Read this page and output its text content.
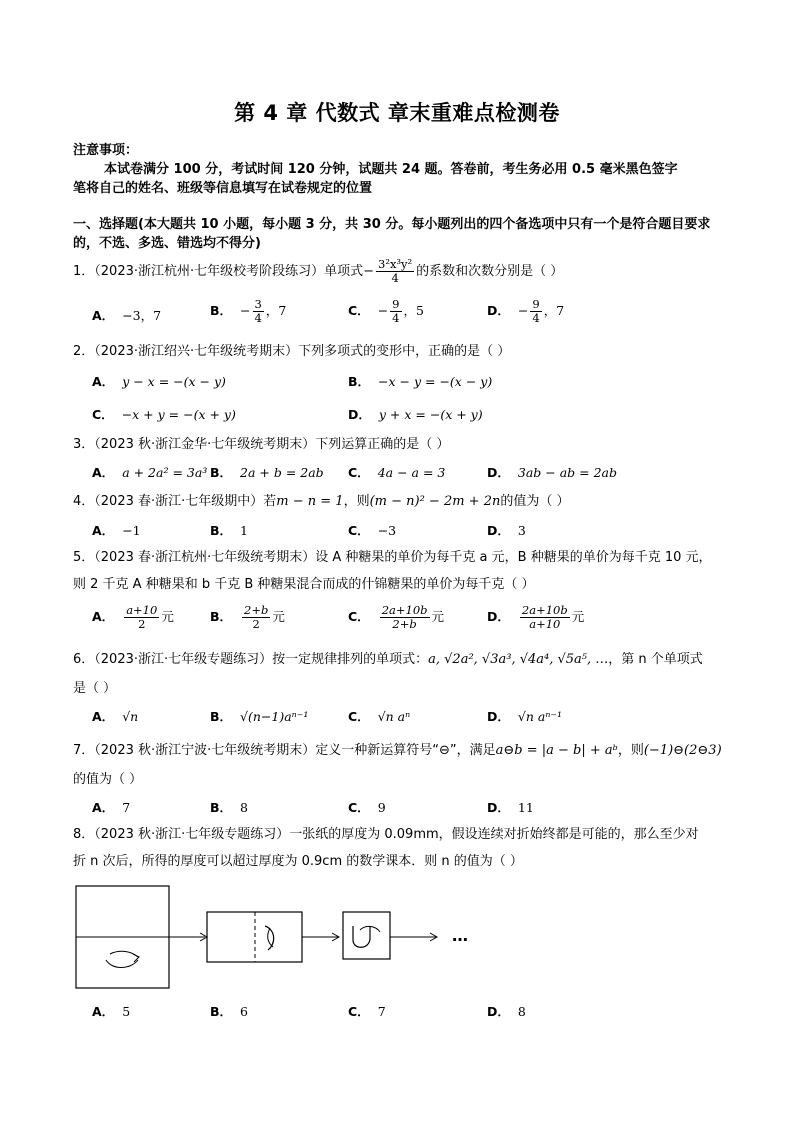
第 4 章 代数式 章末重难点检测卷
注意事项：
本试卷满分 100 分，考试时间 120 分钟，试题共 24 题。答卷前，考生务必用 0.5 毫米黑色签字
笔将自己的姓名、班级等信息填写在试卷规定的位置
一、选择题(本大题共 10 小题，每小题 3 分，共 30 分。每小题列出的四个备选项中只有一个是符合题目要求
的，不选、多选、错选均不得分)
1．（2023·浙江杭州·七年级校考阶段练习）单项式− $\frac{\text{3²x³y²}}{4}$ 的系数和次数分别是（ ）
A． −3，7	B． − $\frac{3}{4}$ ，7	C． − $\frac{9}{4}$ ，5	D． − $\frac{9}{4}$ ，7
2．（2023·浙江绍兴·七年级统考期末）下列多项式的变形中，正确的是（ ）
A． y − x = −(x − y)	B． −x − y = −(x − y)
C． −x + y = −(x + y)	D． y + x = −(x + y)
3．（2023 秋·浙江金华·七年级统考期末）下列运算正确的是（ ）
A． a + 2a² = 3a³ B． 2a + b = 2ab C． 4a − a = 3	D． 3ab − ab = 2ab
4．（2023 春·浙江·七年级期中）若m − n = 1，则(m − n)² − 2m + 2n的值为（ ）
A． −1	B． 1	C． −3	D． 3
5．（2023 春·浙江杭州·七年级统考期末）设 A 种糖果的单价为每千克 a 元，B 种糖果的单价为每千克 10 元，
则 2 千克 A 种糖果和 b 千克 B 种糖果混合而成的什锦糖果的单价为每千克（ ）
A． $\frac{a+10}{2}$ 元	B． $\frac{2+b}{2}$ 元	C． $\frac{2a+10b}{2+b}$ 元	D． $\frac{2a+10b}{a+10}$ 元
6．（2023·浙江·七年级专题练习）按一定规律排列的单项式：a, √2a², √3a³, √4a⁴, √5a⁵, …，第 n 个单项式
是（ ）
A． √n	B． √(n−1)aⁿ⁻¹	C． √n aⁿ	D． √n aⁿ⁻¹
7．（2023 秋·浙江宁波·七年级统考期末）定义一种新运算符号“⊖”，满足a⊖b = |a − b| + aᵇ，则(−1)⊖(2⊖3)
的值为（ ）
A． 7	B． 8	C． 9	D． 11
8．（2023 秋·浙江·七年级专题练习）一张纸的厚度为 0.09mm，假设连续对折始终都是可能的，那么至少对
折 n 次后，所得的厚度可以超过厚度为 0.9cm 的数学课本．则 n 的值为（ ）
…
A． 5	B． 6	C． 7	D． 8
